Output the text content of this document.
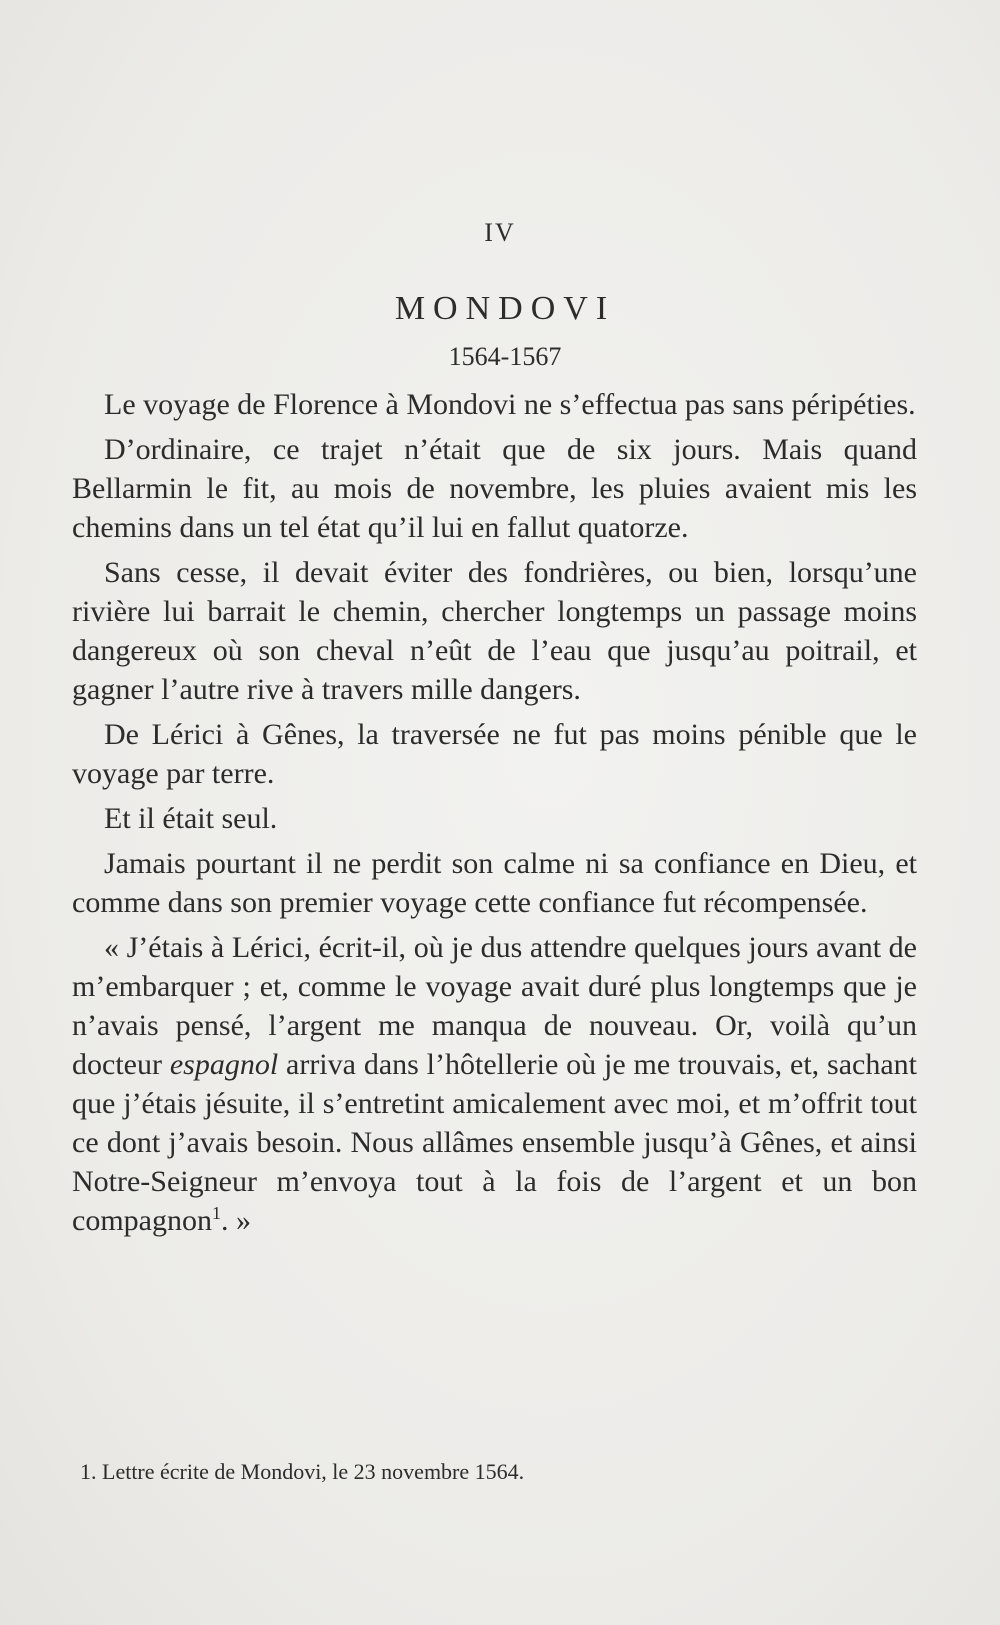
IV
MONDOVI
1564-1567

Le voyage de Florence à Mondovi ne s’effectua pas sans péripéties.

D’ordinaire, ce trajet n’était que de six jours. Mais quand Bellarmin le fit, au mois de novembre, les pluies avaient mis les chemins dans un tel état qu’il lui en fallut quatorze.

Sans cesse, il devait éviter des fondrières, ou bien, lorsqu’une rivière lui barrait le chemin, chercher longtemps un passage moins dangereux où son cheval n’eût de l’eau que jusqu’au poitrail, et gagner l’autre rive à travers mille dangers.

De Lérici à Gênes, la traversée ne fut pas moins pénible que le voyage par terre.

Et il était seul.

Jamais pourtant il ne perdit son calme ni sa confiance en Dieu, et comme dans son premier voyage cette confiance fut récompensée.

« J’étais à Lérici, écrit-il, où je dus attendre quelques jours avant de m’embarquer ; et, comme le voyage avait duré plus longtemps que je n’avais pensé, l’argent me manqua de nouveau. Or, voilà qu’un docteur espagnol arriva dans l’hôtellerie où je me trouvais, et, sachant que j’étais jésuite, il s’entretint amicalement avec moi, et m’offrit tout ce dont j’avais besoin. Nous allâmes ensemble jusqu’à Gênes, et ainsi Notre-Seigneur m’envoya tout à la fois de l’argent et un bon compagnon$^1$. »

1. Lettre écrite de Mondovi, le 23 novembre 1564.
